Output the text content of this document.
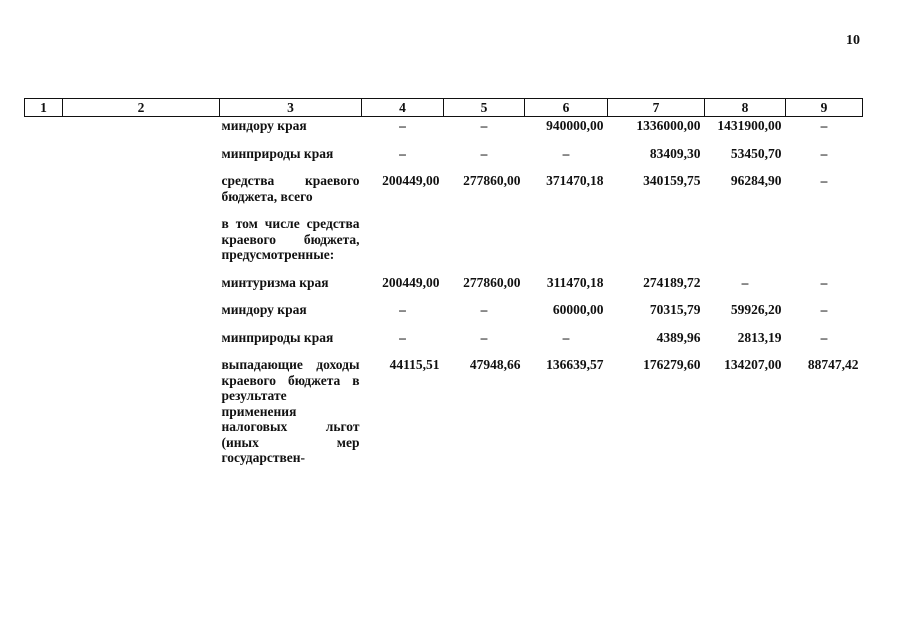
10
1	2	3	4	5	6	7	8	9
		миндору края	–	–	940000,00	1336000,00	1431900,00	–
		минприроды края	–	–	–	83409,30	53450,70	–
		средства краевого бюджета, всего	200449,00	277860,00	371470,18	340159,75	96284,90	–
		в том числе средства краевого бюджета, предусмотренные:						
		минтуризма края	200449,00	277860,00	311470,18	274189,72	–	–
		миндору края	–	–	60000,00	70315,79	59926,20	–
		минприроды края	–	–	–	4389,96	2813,19	–
		выпадающие доходы краевого бюджета в результате применения налоговых льгот (иных мер государствен-	44115,51	47948,66	136639,57	176279,60	134207,00	88747,42
